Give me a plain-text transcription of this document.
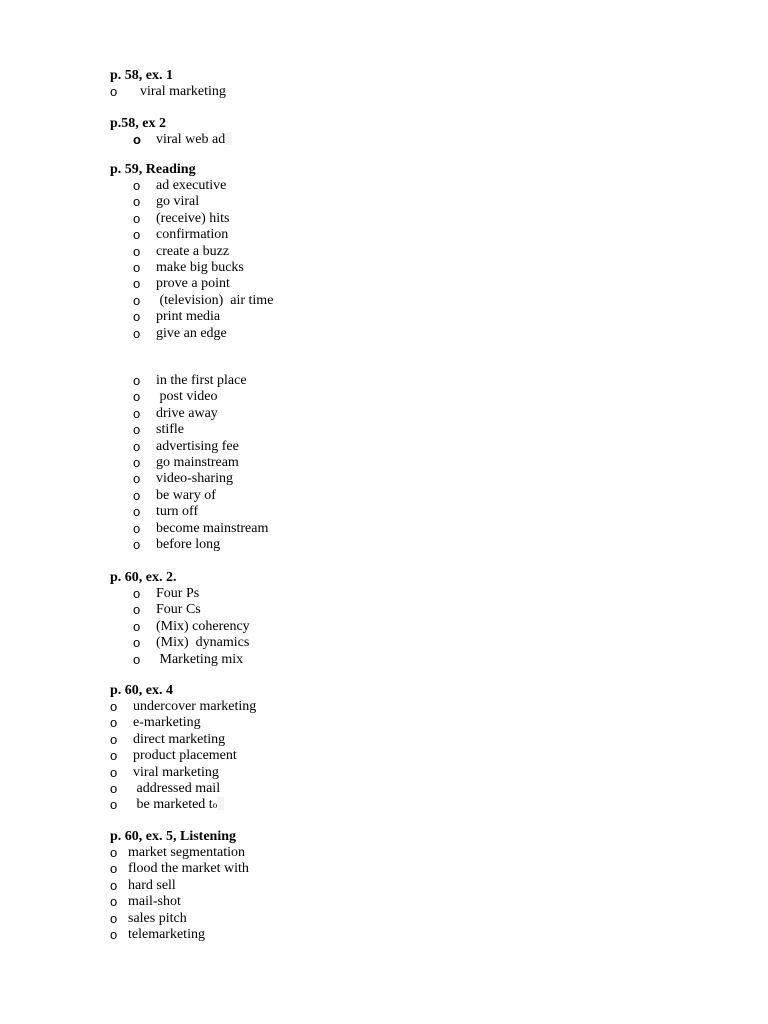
p. 58, ex. 1
o viral marketing
p.58, ex 2
o viral web ad
p. 59, Reading
o ad executive
o go viral
o (receive) hits
o confirmation
o create a buzz
o make big bucks
o prove a point
o (television)  air time
o print media
o give an edge
o in the first place
o post video
o drive away
o stifle
o advertising fee
o go mainstream
o video-sharing
o be wary of
o turn off
o become mainstream
o before long
p. 60, ex. 2.
o Four Ps
o Four Cs
o (Mix) coherency
o (Mix)  dynamics
o Marketing mix
p. 60, ex. 4
o undercover marketing
o e-marketing
o direct marketing
o product placement
o viral marketing
o addressed mail
o be marketed to
p. 60, ex. 5, Listening
o market segmentation
o flood the market with
o hard sell
o mail-shot
o sales pitch
o telemarketing
